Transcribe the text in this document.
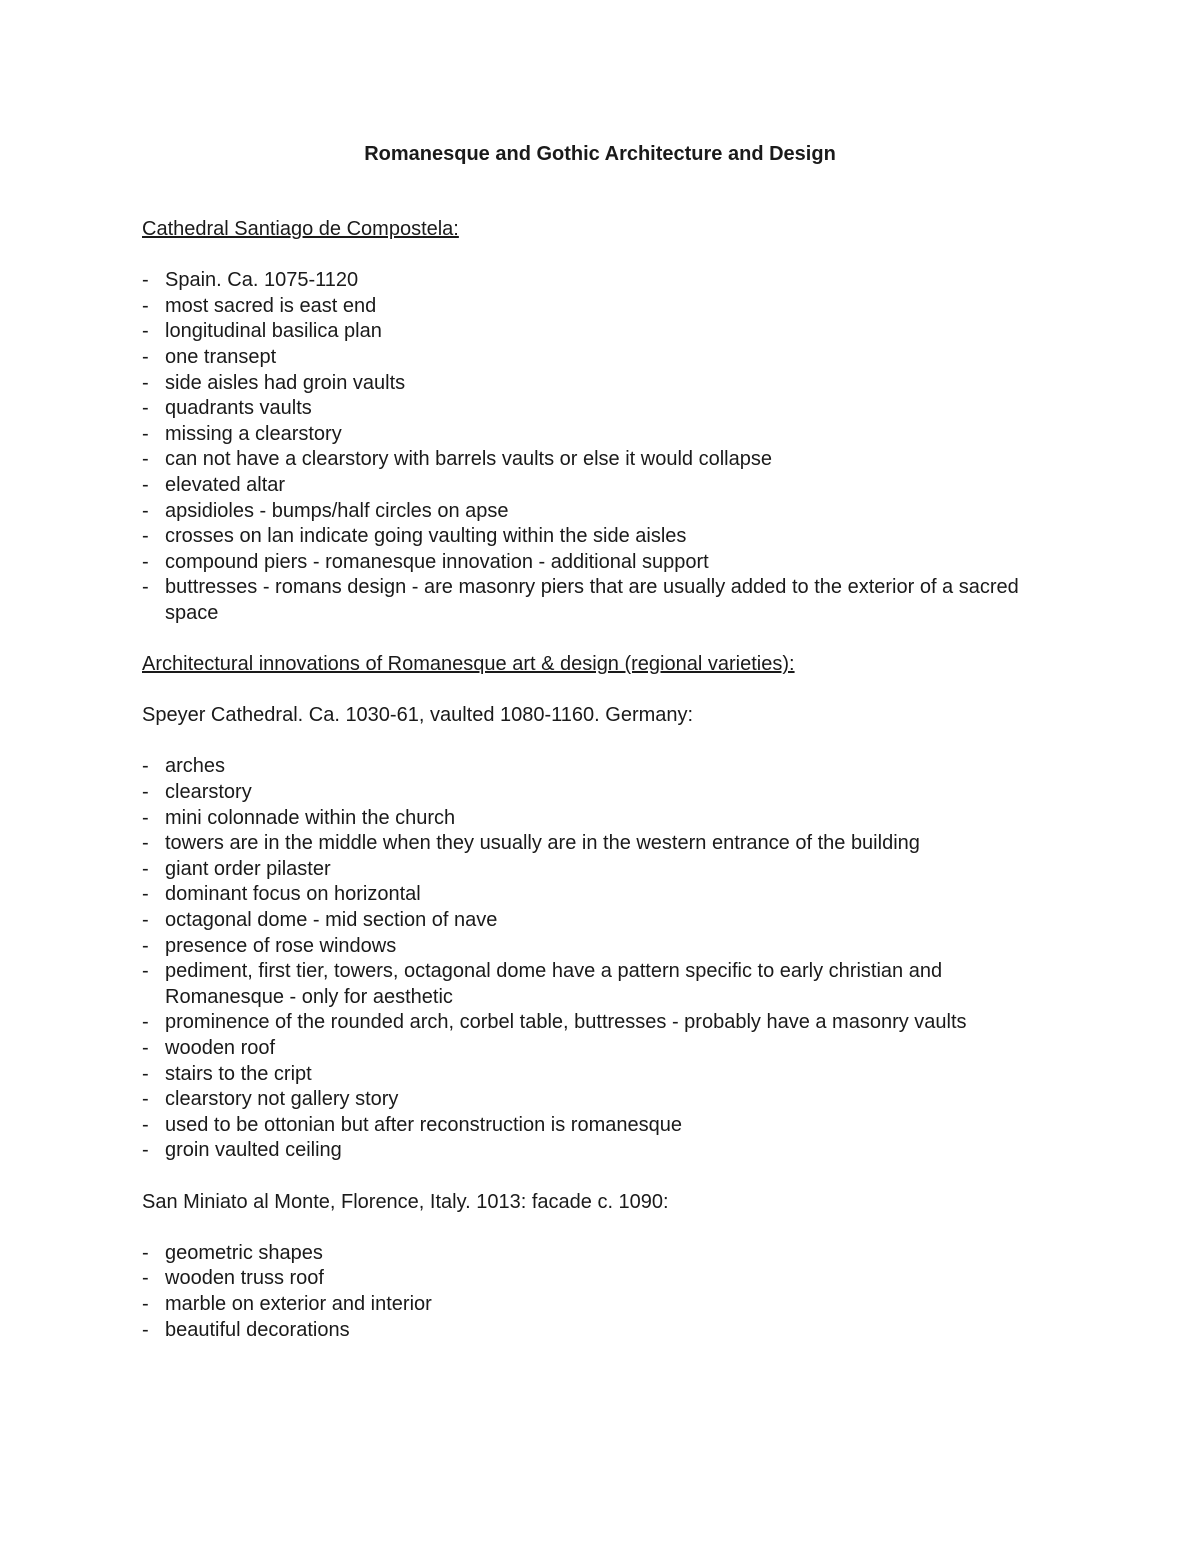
Romanesque and Gothic Architecture and Design
Cathedral Santiago de Compostela:
- Spain. Ca. 1075-1120
- most sacred is east end
- longitudinal basilica plan
- one transept
- side aisles had groin vaults
- quadrants vaults
- missing a clearstory
- can not have a clearstory with barrels vaults or else it would collapse
- elevated altar
- apsidioles - bumps/half circles on apse
- crosses on lan indicate going vaulting within the side aisles
- compound piers - romanesque innovation - additional support
- buttresses - romans design - are masonry piers that are usually added to the exterior of a sacred space
Architectural innovations of Romanesque art & design (regional varieties):
Speyer Cathedral. Ca. 1030-61, vaulted 1080-1160. Germany:
- arches
- clearstory
- mini colonnade within the church
- towers are in the middle when they usually are in the western entrance of the building
- giant order pilaster
- dominant focus on horizontal
- octagonal dome - mid section of nave
- presence of rose windows
- pediment, first tier, towers, octagonal dome have a pattern specific to early christian and Romanesque - only for aesthetic
- prominence of the rounded arch, corbel table, buttresses - probably have a masonry vaults
- wooden roof
- stairs to the cript
- clearstory not gallery story
- used to be ottonian but after reconstruction is romanesque
- groin vaulted ceiling
San Miniato al Monte, Florence, Italy. 1013: facade c. 1090:
- geometric shapes
- wooden truss roof
- marble on exterior and interior
- beautiful decorations
